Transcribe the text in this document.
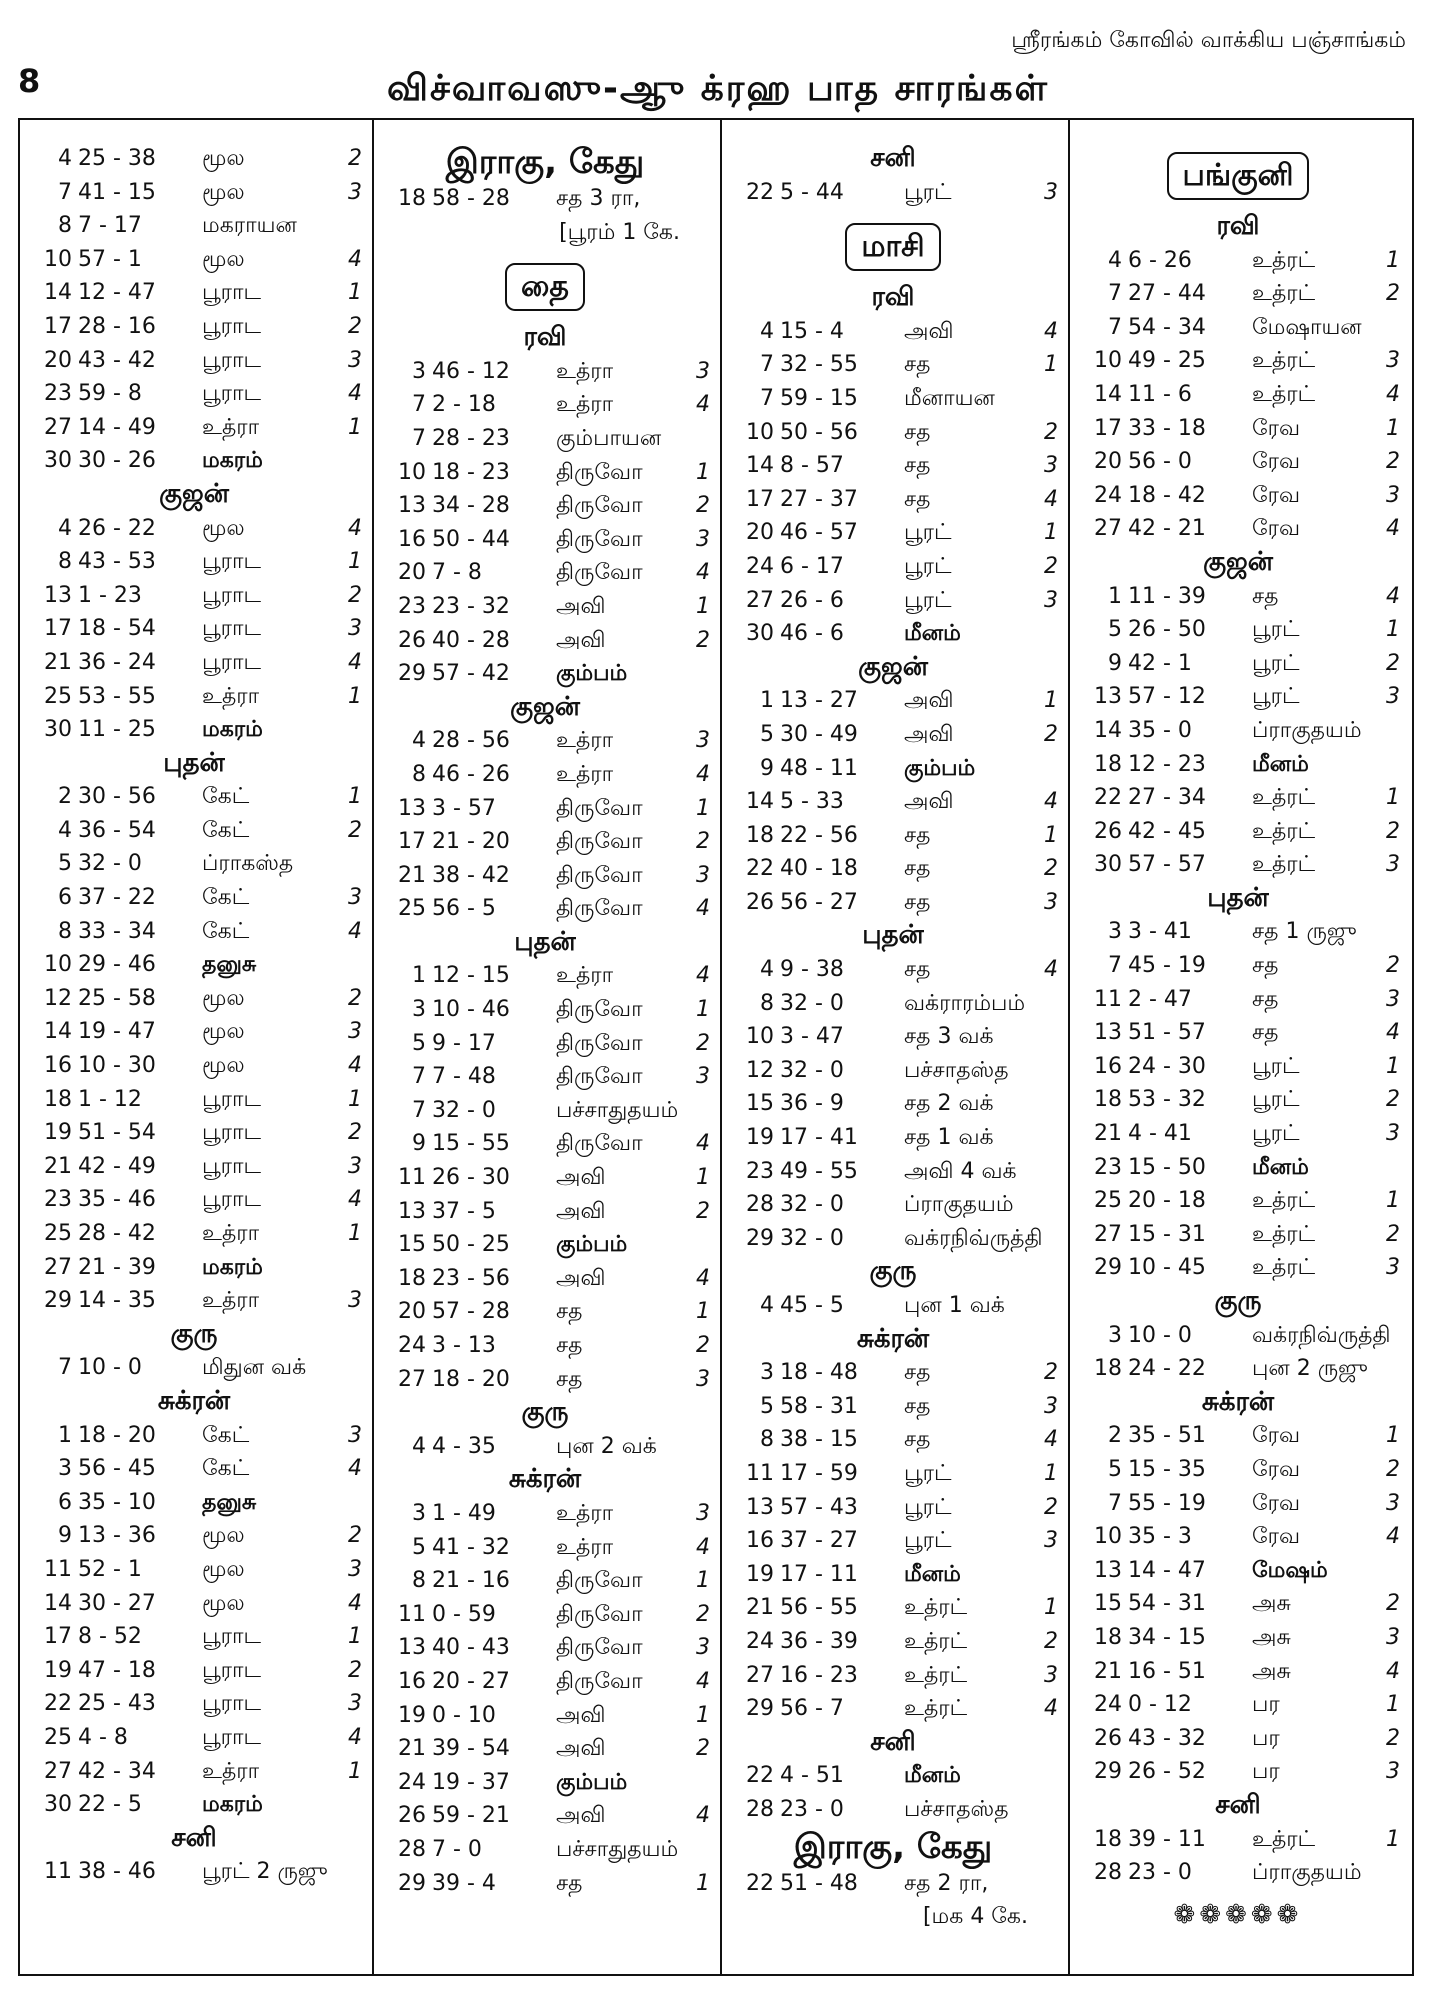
ஸ்ரீரங்கம் கோவில் வாக்கிய பஞ்சாங்கம்
8	விச்வாவஸு-ஆு க்ரஹ பாத சாரங்கள்
4 25 - 38	மூல	2
7 41 - 15	மூல	3
8 7 - 17	மகராயன
10 57 - 1	மூல	4
14 12 - 47	பூராட	1
17 28 - 16	பூராட	2
20 43 - 42	பூராட	3
23 59 - 8	பூராட	4
27 14 - 49	உத்ரா	1
30 30 - 26	மகரம்
குஜன்
4 26 - 22	மூல	4
8 43 - 53	பூராட	1
13 1 - 23	பூராட	2
17 18 - 54	பூராட	3
21 36 - 24	பூராட	4
25 53 - 55	உத்ரா	1
30 11 - 25	மகரம்
புதன்
2 30 - 56	கேட்	1
4 36 - 54	கேட்	2
5 32 - 0	ப்ராகஸ்த
6 37 - 22	கேட்	3
8 33 - 34	கேட்	4
10 29 - 46	தனுசு
12 25 - 58	மூல	2
14 19 - 47	மூல	3
16 10 - 30	மூல	4
18 1 - 12	பூராட	1
19 51 - 54	பூராட	2
21 42 - 49	பூராட	3
23 35 - 46	பூராட	4
25 28 - 42	உத்ரா	1
27 21 - 39	மகரம்
29 14 - 35	உத்ரா	3
குரு
7 10 - 0	மிதுன வக்
சுக்ரன்
1 18 - 20	கேட்	3
3 56 - 45	கேட்	4
6 35 - 10	தனுசு
9 13 - 36	மூல	2
11 52 - 1	மூல	3
14 30 - 27	மூல	4
17 8 - 52	பூராட	1
19 47 - 18	பூராட	2
22 25 - 43	பூராட	3
25 4 - 8	பூராட	4
27 42 - 34	உத்ரா	1
30 22 - 5	மகரம்
சனி
11 38 - 46	பூரட் 2 ருஜு
இராகு, கேது
18 58 - 28	சத 3 ரா,
[பூரம் 1 கே.
தை
ரவி
3 46 - 12	உத்ரா	3
7 2 - 18	உத்ரா	4
7 28 - 23	கும்பாயன
10 18 - 23	திருவோ	1
13 34 - 28	திருவோ	2
16 50 - 44	திருவோ	3
20 7 - 8	திருவோ	4
23 23 - 32	அவி	1
26 40 - 28	அவி	2
29 57 - 42	கும்பம்
குஜன்
4 28 - 56	உத்ரா	3
8 46 - 26	உத்ரா	4
13 3 - 57	திருவோ	1
17 21 - 20	திருவோ	2
21 38 - 42	திருவோ	3
25 56 - 5	திருவோ	4
புதன்
1 12 - 15	உத்ரா	4
3 10 - 46	திருவோ	1
5 9 - 17	திருவோ	2
7 7 - 48	திருவோ	3
7 32 - 0	பச்சாதுதயம்
9 15 - 55	திருவோ	4
11 26 - 30	அவி	1
13 37 - 5	அவி	2
15 50 - 25	கும்பம்
18 23 - 56	அவி	4
20 57 - 28	சத	1
24 3 - 13	சத	2
27 18 - 20	சத	3
குரு
4 4 - 35	புன 2 வக்
சுக்ரன்
3 1 - 49	உத்ரா	3
5 41 - 32	உத்ரா	4
8 21 - 16	திருவோ	1
11 0 - 59	திருவோ	2
13 40 - 43	திருவோ	3
16 20 - 27	திருவோ	4
19 0 - 10	அவி	1
21 39 - 54	அவி	2
24 19 - 37	கும்பம்
26 59 - 21	அவி	4
28 7 - 0	பச்சாதுதயம்
29 39 - 4	சத	1
சனி
22 5 - 44	பூரட்	3
மாசி
ரவி
4 15 - 4	அவி	4
7 32 - 55	சத	1
7 59 - 15	மீனாயன
10 50 - 56	சத	2
14 8 - 57	சத	3
17 27 - 37	சத	4
20 46 - 57	பூரட்	1
24 6 - 17	பூரட்	2
27 26 - 6	பூரட்	3
30 46 - 6	மீனம்
குஜன்
1 13 - 27	அவி	1
5 30 - 49	அவி	2
9 48 - 11	கும்பம்
14 5 - 33	அவி	4
18 22 - 56	சத	1
22 40 - 18	சத	2
26 56 - 27	சத	3
புதன்
4 9 - 38	சத	4
8 32 - 0	வக்ராரம்பம்
10 3 - 47	சத 3 வக்
12 32 - 0	பச்சாதஸ்த
15 36 - 9	சத 2 வக்
19 17 - 41	சத 1 வக்
23 49 - 55	அவி 4 வக்
28 32 - 0	ப்ராகுதயம்
29 32 - 0	வக்ரநிவ்ருத்தி
குரு
4 45 - 5	புன 1 வக்
சுக்ரன்
3 18 - 48	சத	2
5 58 - 31	சத	3
8 38 - 15	சத	4
11 17 - 59	பூரட்	1
13 57 - 43	பூரட்	2
16 37 - 27	பூரட்	3
19 17 - 11	மீனம்
21 56 - 55	உத்ரட்	1
24 36 - 39	உத்ரட்	2
27 16 - 23	உத்ரட்	3
29 56 - 7	உத்ரட்	4
சனி
22 4 - 51	மீனம்
28 23 - 0	பச்சாதஸ்த
இராகு, கேது
22 51 - 48	சத 2 ரா,
[மக 4 கே.
பங்குனி
ரவி
4 6 - 26	உத்ரட்	1
7 27 - 44	உத்ரட்	2
7 54 - 34	மேஷாயன
10 49 - 25	உத்ரட்	3
14 11 - 6	உத்ரட்	4
17 33 - 18	ரேவ	1
20 56 - 0	ரேவ	2
24 18 - 42	ரேவ	3
27 42 - 21	ரேவ	4
குஜன்
1 11 - 39	சத	4
5 26 - 50	பூரட்	1
9 42 - 1	பூரட்	2
13 57 - 12	பூரட்	3
14 35 - 0	ப்ராகுதயம்
18 12 - 23	மீனம்
22 27 - 34	உத்ரட்	1
26 42 - 45	உத்ரட்	2
30 57 - 57	உத்ரட்	3
புதன்
3 3 - 41	சத 1 ருஜு
7 45 - 19	சத	2
11 2 - 47	சத	3
13 51 - 57	சத	4
16 24 - 30	பூரட்	1
18 53 - 32	பூரட்	2
21 4 - 41	பூரட்	3
23 15 - 50	மீனம்
25 20 - 18	உத்ரட்	1
27 15 - 31	உத்ரட்	2
29 10 - 45	உத்ரட்	3
குரு
3 10 - 0	வக்ரநிவ்ருத்தி
18 24 - 22	புன 2 ருஜு
சுக்ரன்
2 35 - 51	ரேவ	1
5 15 - 35	ரேவ	2
7 55 - 19	ரேவ	3
10 35 - 3	ரேவ	4
13 14 - 47	மேஷம்
15 54 - 31	அசு	2
18 34 - 15	அசு	3
21 16 - 51	அசு	4
24 0 - 12	பர	1
26 43 - 32	பர	2
29 26 - 52	பர	3
சனி
18 39 - 11	உத்ரட்	1
28 23 - 0	ப்ராகுதயம்
❁❁❁❁❁
